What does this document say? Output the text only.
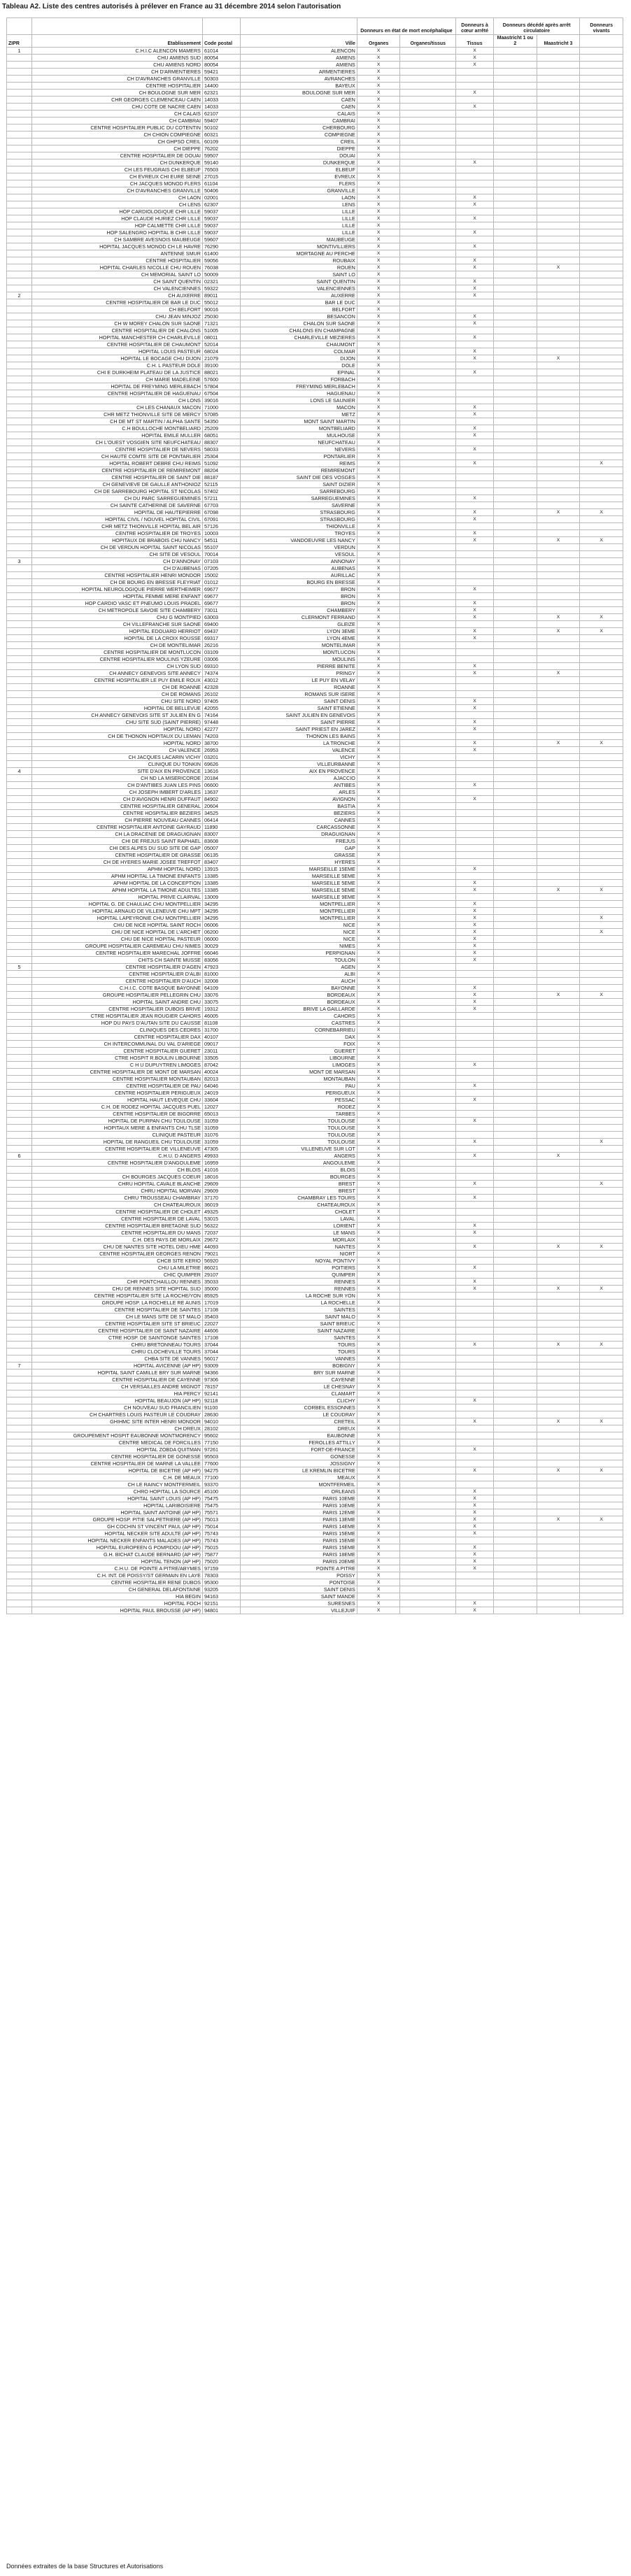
Tableau A2. Liste des centres autorisés à prélever en France au 31 décembre 2014 selon l'autorisation
				Donneurs en état de mort encéphalique		Donneurs à cœur arrêté	Donneurs décédé après arrêt circulatoire		Donneurs vivants
ZIPR	Etablissement	Code postal	Ville	Organes	Organes/tissus	Tissus	Maastricht 1 ou 2	Maastricht 3	
1	C.H.I.C ALENCON MAMERS	61014	ALENCON	X		X			
	CHU AMIENS SUD	80054	AMIENS	X		X			
	CHU AMIENS NORD	80054	AMIENS	X		X			
	CH D'ARMENTIERES	59421	ARMENTIERES	X					
	CH D'AVRANCHES GRANVILLE	50303	AVRANCHES	X					
	CENTRE HOSPITALIER	14400	BAYEUX	X					
	CH BOULOGNE SUR MER	62321	BOULOGNE SUR MER	X		X			
	CHR GEORGES CLEMENCEAU CAEN	14033	CAEN	X					
	CHU COTE DE NACRE CAEN	14033	CAEN	X		X			
	CH CALAIS	62107	CALAIS	X					
	CH CAMBRAI	59407	CAMBRAI	X					
	CENTRE HOSPITALIER PUBLIC DU COTENTIN	50102	CHERBOURG	X					
	CH CHION COMPIEGNE	60321	COMPIEGNE	X					
	CH GHPSO CREIL	60109	CREIL	X					
	CH DIEPPE	76202	DIEPPE	X					
	CENTRE HOSPITALIER DE DOUAI	59507	DOUAI	X					
	CH DUNKERQUE	59140	DUNKERQUE	X		X			
	CH LES FEUGRAIS CHI ELBEUF	76503	ELBEUF	X					
	CH EVREUX CHI EURE SEINE	27015	EVREUX	X					
	CH JACQUES MONOD FLERS	61104	FLERS	X					
	CH D'AVRANCHES GRANVILLE	50406	GRANVILLE	X					
	CH LAON	02001	LAON	X		X			
	CH LENS	62307	LENS	X		X			
	HOP CARDIOLOGIQUE CHR LILLE	59037	LILLE	X					
	HOP CLAUDE HURIEZ CHR LILLE	59037	LILLE	X		X			
	HOP CALMETTE CHR LILLE	59037	LILLE	X					
	HOP SALENGRO HOPITAL B CHR LILLE	59037	LILLE	X		X			
	CH SAMBRE AVESNOIS MAUBEUGE	59607	MAUBEUGE	X					
	HOPITAL JACQUES MONOD CH LE HAVRE	76290	MONTIVILLIERS	X		X			
	ANTENNE SMUR	61400	MORTAGNE AU PERCHE	X					
	CENTRE HOSPITALIER	59056	ROUBAIX	X		X			
	HOPITAL CHARLES NICOLLE CHU ROUEN	76038	ROUEN	X		X		X	
	CH MEMORIAL SAINT LO	50009	SAINT LO	X					
	CH SAINT QUENTIN	02321	SAINT QUENTIN	X		X			
	CH VALENCIENNES	59322	VALENCIENNES	X		X			
2	CH AUXERRE	89011	AUXERRE	X		X			
	CENTRE HOSPITALIER DE BAR LE DUC	55012	BAR LE DUC	X					
	CH BELFORT	90016	BELFORT	X					
	CHU JEAN MINJOZ	25030	BESANCON	X		X			
	CH W MOREY CHALON SUR SAONE	71321	CHALON SUR SAONE	X		X			
	CENTRE HOSPITALIER DE CHALONS	51005	CHALONS EN CHAMPAGNE	X					
	HOPITAL MANCHESTER CH CHARLEVILLE	08011	CHARLEVILLE MEZIERES	X		X			
	CENTRE HOSPITALIER DE CHAUMONT	52014	CHAUMONT	X					
	HOPITAL LOUIS PASTEUR	68024	COLMAR	X		X			
	HOPITAL LE BOCAGE CHU DIJON	21079	DIJON	X		X		X	
	C.H. L PASTEUR DOLE	39100	DOLE	X					
	CHI E DURKHEIM PLATEAU DE LA JUSTICE	88021	EPINAL	X		X			
	CH MARIE MADELEINE	57600	FORBACH	X					
	HOPITAL DE FREYMING MERLEBACH	57804	FREYMING MERLEBACH	X					
	CENTRE HOSPITALIER DE HAGUENAU	67504	HAGUENAU	X					
	CH LONS	39016	LONS LE SAUNIER	X					
	CH LES CHANAUX MACON	71000	MACON	X		X			
	CHR METZ THIONVILLE SITE DE MERCY	57085	METZ	X		X			
	CH DE MT ST MARTIN / ALPHA SANTE	54350	MONT SAINT MARTIN	X					
	C.H BOULLOCHE MONTBELIARD	25209	MONTBELIARD	X		X			
	HOPITAL EMILE MULLER	68051	MULHOUSE	X		X			
	CH L'OUEST VOSGIEN SITE NEUFCHATEAU	88307	NEUFCHATEAU	X					
	CENTRE HOSPITALIER DE NEVERS	58033	NEVERS	X		X			
	CH HAUTE COMTE SITE DE PONTARLIER	25304	PONTARLIER	X					
	HOPITAL ROBERT DEBRE CHU REIMS	51092	REIMS	X		X			X
	CENTRE HOSPITALIER DE REMIREMONT	88204	REMIREMONT	X					
	CENTRE HOSPITALIER DE SAINT DIE	88187	SAINT DIE DES VOSGES	X					
	CH GENEVIEVE DE GAULLE ANTHONIOZ	52115	SAINT DIZIER	X					
	CH DE SARREBOURG HOPITAL ST NICOLAS	57402	SARREBOURG	X					
	CH DU PARC SARREGUEMINES	57211	SARREGUEMINES	X		X			
	CH SAINTE CATHERINE DE SAVERNE	67703	SAVERNE	X					
	HOPITAL DE HAUTEPIERRE	67098	STRASBOURG	X		X		X	X
	HOPITAL CIVIL / NOUVEL HOPITAL CIVIL	67091	STRASBOURG	X		X			
	CHR METZ THIONVILLE HOPITAL BEL AIR	57126	THIONVILLE	X					
	CENTRE HOSPITALIER DE TROYES	10003	TROYES	X		X			
	HOPITAUX DE BRABOIS CHU NANCY	54511	VANDOEUVRE LES NANCY	X		X		X	X
	CH DE VERDUN HOPITAL SAINT NICOLAS	55107	VERDUN	X					
	CHI SITE DE VESOUL	70014	VESOUL	X					
3	CH D'ANNONAY	07103	ANNONAY	X					
	CH D'AUBENAS	07205	AUBENAS	X					
	CENTRE HOSPITALIER HENRI MONDOR	15002	AURILLAC	X					
	CH DE BOURG EN BRESSE FLEYRIAT	01012	BOURG EN BRESSE	X					
	HOPITAL NEUROLOGIQUE PIERRE WERTHEIMER	69677	BRON	X		X			
	HOPITAL FEMME MERE ENFANT	69677	BRON	X					
	HOP CARDIO VASC ET PNEUMO LOUIS PRADEL	69677	BRON	X		X			
	CH METROPOLE SAVOIE SITE CHAMBERY	73011	CHAMBERY	X		X			
	CHU G MONTPIED	63003	CLERMONT FERRAND	X		X		X	X
	CH VILLEFRANCHE SUR SAONE	69400	GLEIZE	X					
	HOPITAL EDOUARD HERRIOT	69437	LYON 3EME	X		X		X	X
	HOPITAL DE LA CROIX ROUSSE	69317	LYON 4EME	X		X			
	CH DE MONTELIMAR	26216	MONTELIMAR	X					
	CENTRE HOSPITALIER DE MONTLUCON	03109	MONTLUCON	X					
	CENTRE HOSPITALIER MOULINS YZEURE	03006	MOULINS	X					
	CH LYON SUD	69310	PIERRE BENITE	X		X			
	CH ANNECY GENEVOIS SITE ANNECY	74374	PRINGY	X		X		X	
	CENTRE HOSPITALIER LE PUY EMILE ROUX	43012	LE PUY EN VELAY	X					
	CH DE ROANNE	42328	ROANNE	X					
	CH DE ROMANS	26102	ROMANS SUR ISERE	X					
	CHU SITE NORD	97405	SAINT DENIS	X		X			
	HOPITAL DE BELLEVUE	42055	SAINT ETIENNE	X		X			
	CH ANNECY GENEVOIS SITE ST JULIEN EN G	74164	SAINT JULIEN EN GENEVOIS	X					
	CHU SITE SUD (SAINT PIERRE)	97448	SAINT PIERRE	X		X			
	HOPITAL NORD	42277	SAINT PRIEST EN JAREZ	X		X			
	CH DE THONON HOPITAUX DU LEMAN	74203	THONON LES BAINS	X					
	HOPITAL NORD	38700	LA TRONCHE	X		X		X	X
	CH VALENCE	26953	VALENCE	X		X			
	CH JACQUES LACARIN VICHY	03201	VICHY	X					
	CLINIQUE DU TONKIN	69626	VILLEURBANNE	X					
4	SITE D'AIX EN PROVENCE	13616	AIX EN PROVENCE	X					
	CH ND LA MISERICORDE	20184	AJACCIO	X					
	CH D'ANTIBES JUAN LES PINS	06600	ANTIBES	X		X			
	CH JOSEPH IMBERT D'ARLES	13637	ARLES	X					
	CH D'AVIGNON HENRI DUFFAUT	84902	AVIGNON	X		X			
	CENTRE HOSPITALIER GENERAL	20604	BASTIA	X					
	CENTRE HOSPITALIER BEZIERS	34525	BEZIERS	X					
	CH PIERRE NOUVEAU CANNES	06414	CANNES	X					
	CENTRE HOSPITALIER ANTOINE GAYRAUD	11890	CARCASSONNE	X					
	CH LA DRACENIE DE DRAGUIGNAN	83007	DRAGUIGNAN	X					
	CHI DE FREJUS SAINT RAPHAEL	83608	FREJUS	X					
	CHI DES ALPES DU SUD SITE DE GAP	05007	GAP	X					
	CENTRE HOSPITALIER DE GRASSE	06135	GRASSE	X					
	CH DE HYERES MARIE JOSEE TREFFOT	83407	HYERES	X					
	APHM HOPITAL NORD	13915	MARSEILLE 15EME	X		X			
	APHM HOPITAL LA TIMONE ENFANTS	13385	MARSEILLE 5EME	X					
	APHM HOPITAL DE LA CONCEPTION	13385	MARSEILLE 5EME	X		X			
	APHM HOPITAL LA TIMONE ADULTES	13385	MARSEILLE 5EME	X		X		X	X
	HOPITAL PRIVE CLAIRVAL	13009	MARSEILLE 9EME	X					
	HOPITAL G. DE CHAULIAC CHU MONTPELLIER	34295	MONTPELLIER	X		X			
	HOPITAL ARNAUD DE VILLENEUVE CHU MPT	34295	MONTPELLIER	X		X			
	HOPITAL LAPEYRONIE CHU MONTPELLIER	34295	MONTPELLIER	X		X			X
	CHU DE NICE HOPITAL SAINT ROCH	06006	NICE	X		X			
	CHU DE NICE HOPITAL DE L'ARCHET	06200	NICE	X		X			X
	CHU DE NICE HOPITAL PASTEUR	06000	NICE	X		X			
	GROUPE HOSPITALIER CAREMEAU CHU NIMES	30029	NIMES	X		X			
	CENTRE HOSPITALIER MARECHAL JOFFRE	66046	PERPIGNAN	X		X			
	CHITS CH SAINTE MUSSE	83056	TOULON	X		X			
5	CENTRE HOSPITALIER D'AGEN	47923	AGEN	X					
	CENTRE HOSPITALIER D'ALBI	81000	ALBI	X					
	CENTRE HOSPITALIER D'AUCH	32008	AUCH	X					
	C.H.I.C. COTE BASQUE BAYONNE	64109	BAYONNE	X		X			
	GROUPE HOSPITALIER PELLEGRIN CHU	33076	BORDEAUX	X		X		X	X
	HOPITAL SAINT ANDRE CHU	33075	BORDEAUX	X		X			
	CENTRE HOSPITALIER DUBOIS BRIVE	19312	BRIVE LA GAILLARDE	X		X			
	CTRE HOSPITALIER JEAN ROUGIER CAHORS	46005	CAHORS	X					
	HOP DU PAYS D'AUTAN SITE DU CAUSSE	81108	CASTRES	X					
	CLINIQUES DES CEDRES	31700	CORNEBARRIEU	X					
	CENTRE HOSPITALIER DAX	40107	DAX	X					
	CH INTERCOMMUNAL DU VAL D'ARIEGE	09017	FOIX	X					
	CENTRE HOSPITALIER GUERET	23011	GUERET	X					
	CTRE HOSPIT R.BOULIN LIBOURNE	33505	LIBOURNE	X					
	C H U DUPUYTREN LIMOGES	87042	LIMOGES	X		X			
	CENTRE HOSPITALIER DE MONT DE MARSAN	40024	MONT DE MARSAN	X					
	CENTRE HOSPITALIER MONTAUBAN	82013	MONTAUBAN	X					
	CENTRE HOSPITALIER DE PAU	64046	PAU	X		X			
	CENTRE HOSPITALIER PERIGUEUX	24019	PERIGUEUX	X					
	HOPITAL HAUT LEVEQUE CHU	33604	PESSAC	X		X			
	C.H. DE RODEZ HOPITAL JACQUES PUEL	12027	RODEZ	X					
	CENTRE HOSPITALIER DE BIGORRE	65013	TARBES	X					
	HOPITAL DE PURPAN CHU TOULOUSE	31059	TOULOUSE	X		X			
	HOPITAUX MERE & ENFANTS CHU TLSE	31059	TOULOUSE	X					
	CLINIQUE PASTEUR	31076	TOULOUSE	X					
	HOPITAL DE RANGUEIL CHU TOULOUSE	31059	TOULOUSE	X		X			X
	CENTRE HOSPITALIER DE VILLENEUVE	47305	VILLENEUVE SUR LOT	X					
6	C.H.U. D ANGERS	49933	ANGERS	X		X		X	
	CENTRE HOSPITALIER D'ANGOULEME	16959	ANGOULEME	X					
	CH BLOIS	41016	BLOIS	X					
	CH BOURGES JACQUES COEUR	18016	BOURGES	X					
	CHRU HOPITAL CAVALE BLANCHE	29609	BREST	X		X			X
	CHRU HOPITAL MORVAN	29609	BREST	X					
	CHRU TROUSSEAU CHAMBRAY	37170	CHAMBRAY LES TOURS	X		X			
	CH CHATEAUROUX	36019	CHATEAUROUX	X					
	CENTRE HOSPITALIER DE CHOLET	49325	CHOLET	X					
	CENTRE HOSPITALIER DE LAVAL	53015	LAVAL	X					
	CENTRE HOSPITALIER BRETAGNE SUD	56322	LORIENT	X		X			
	CENTRE HOSPITALIER DU MANS	72037	LE MANS	X		X			
	C.H. DES PAYS DE MORLAIX	29672	MORLAIX	X					
	CHU DE NANTES SITE HOTEL DIEU HME	44093	NANTES	X		X		X	X
	CENTRE HOSPITALIER GEORGES RENON	79021	NIORT	X					
	CHCB SITE KERIO	56920	NOYAL PONTIVY	X					
	CHU LA MILETRIE	86021	POITIERS	X		X			
	CHIC QUIMPER	29107	QUIMPER	X					
	CHR PONTCHAILLOU RENNES	35033	RENNES	X		X			
	CHU DE RENNES SITE HOPITAL SUD	35000	RENNES	X		X		X	X
	CENTRE HOSPITALIER SITE LA ROCHE/YON	85925	LA ROCHE SUR YON	X					
	GROUPE HOSP. LA ROCHELLE RE AUNIS	17019	LA ROCHELLE	X					
	CENTRE HOSPITALIER DE SAINTES	17108	SAINTES	X					
	CH LE MANS SITE DE ST MALO	35403	SAINT MALO	X					
	CENTRE HOSPITALIER SITE ST BRIEUC	22027	SAINT BRIEUC	X					
	CENTRE HOSPITALIER DE SAINT NAZAIRE	44606	SAINT NAZAIRE	X					
	CTRE HOSP. DE SAINTONGE SAINTES	17108	SAINTES	X					
	CHRU BRETONNEAU TOURS	37044	TOURS	X		X		X	X
	CHRU CLOCHEVILLE TOURS	37044	TOURS	X					
	CHBA SITE DE VANNES	56017	VANNES	X					
7	HOPITAL AVICENNE (AP HP)	93009	BOBIGNY	X					
	HOPITAL SAINT CAMILLE BRY SUR MARNE	94366	BRY SUR MARNE	X					
	CENTRE HOSPITALIER DE CAYENNE	97306	CAYENNE	X					
	CH VERSAILLES ANDRE MIGNOT	78157	LE CHESNAY	X					
	HIA PERCY	92141	CLAMART	X					
	HOPITAL BEAUJON (AP HP)	92118	CLICHY	X		X			
	CH NOUVEAU SUD FRANCILIEN	91100	CORBEIL ESSONNES	X					
	CH CHARTRES LOUIS PASTEUR LE COUDRAY	28630	LE COUDRAY	X					
	GHIHMC SITE INTER HENRI MONDOR	94010	CRETEIL	X		X		X	X
	CH DREUX	28102	DREUX	X					
	GROUPEMENT HOSPIT EAUBONNE MONTMORENCY	95602	EAUBONNE	X					
	CENTRE MEDICAL DE FORCILLES	77150	FEROLLES ATTILLY	X					
	HOPITAL ZOBDA QUITMAN	97261	FORT-DE-FRANCE	X		X			
	CENTRE HOSPITALIER DE GONESSE	95503	GONESSE	X					
	CENTRE HOSPITALIER DE MARNE LA VALLEE	77600	JOSSIGNY	X					
	HOPITAL DE BICETRE (AP HP)	94275	LE KREMLIN BICETRE	X		X		X	X
	C.H. DE MEAUX	77100	MEAUX	X					
	CH LE RAINCY MONTFERMEIL	93370	MONTFERMEIL	X					
	CHRO HOPITAL LA SOURCE	45100	ORLEANS	X		X			
	HOPITAL SAINT LOUIS (AP HP)	75475	PARIS 10EME	X		X			
	HOPITAL LARIBOISIERE	75475	PARIS 10EME	X		X			
	HOPITAL SAINT ANTOINE (AP HP)	75571	PARIS 12EME	X		X			
	GROUPE HOSP. PITIE SALPETRIERE (AP HP)	75013	PARIS 13EME	X		X		X	X
	GH COCHIN ST VINCENT PAUL (AP HP)	75014	PARIS 14EME	X		X			
	HOPITAL NECKER SITE ADULTE (AP HP)	75743	PARIS 15EME	X		X			
	HOPITAL NECKER ENFANTS MALADES (AP HP)	75743	PARIS 15EME	X					
	HOPITAL EUROPEEN G POMPIDOU (AP HP)	75015	PARIS 15EME	X		X			
	G.H. BICHAT CLAUDE BERNARD (AP HP)	75877	PARIS 18EME	X		X			
	HOPITAL TENON (AP HP)	75020	PARIS 20EME	X		X			
	C.H.U. DE POINTE A PITRE/ABYMES	97159	POINTE A PITRE	X		X			
	C.H. INT. DE POISSY/ST GERMAIN EN LAYE	78303	POISSY	X					
	CENTRE HOSPITALIER RENE DUBOS	95300	PONTOISE	X					
	CH GENERAL DELAFONTAINE	93205	SAINT DENIS	X					
	HIA BEGIN	94163	SAINT MANDE	X					
	HOPITAL FOCH	92151	SURESNES	X		X			
	HOPITAL PAUL BROUSSE (AP HP)	94801	VILLEJUIF	X		X			
Données extraites de la base Structures et Autorisations
